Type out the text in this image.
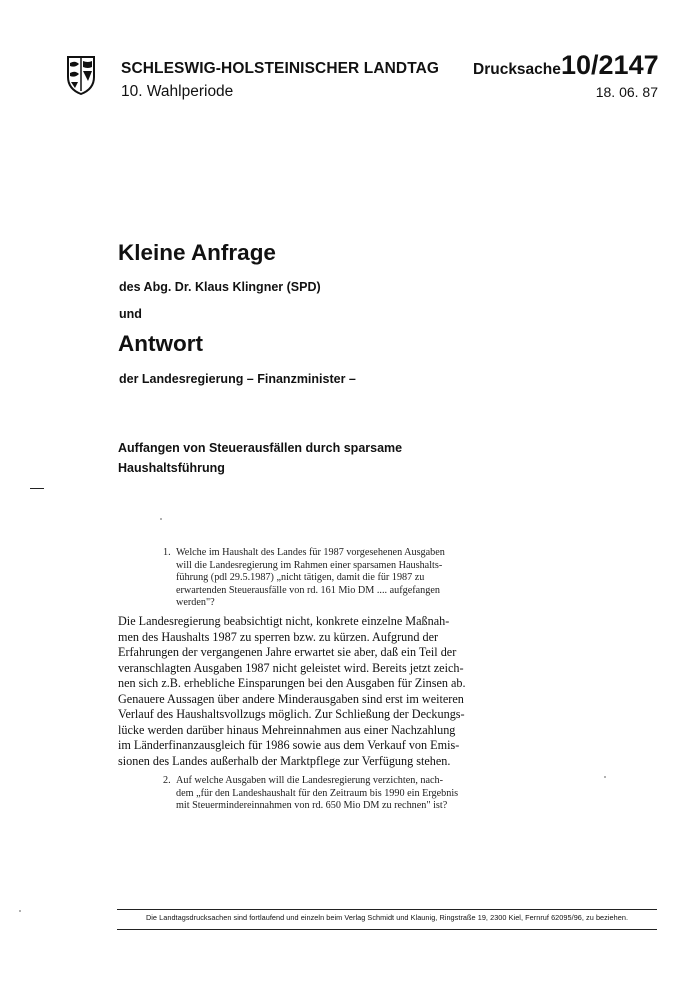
SCHLESWIG-HOLSTEINISCHER LANDTAG
10. Wahlperiode
Drucksache 10/2147
18. 06. 87
Kleine Anfrage
des Abg. Dr. Klaus Klingner (SPD)
und
Antwort
der Landesregierung – Finanzminister –
Auffangen von Steuerausfällen durch sparsame Haushaltsführung
1. Welche im Haushalt des Landes für 1987 vorgesehenen Ausgaben
will die Landesregierung im Rahmen einer sparsamen Haushalts-
führung (pdl 29.5.1987) „nicht tätigen, damit die für 1987 zu
erwartenden Steuerausfälle von rd. 161 Mio DM .... aufgefangen
werden"?
Die Landesregierung beabsichtigt nicht, konkrete einzelne Maßnah-
men des Haushalts 1987 zu sperren bzw. zu kürzen. Aufgrund der
Erfahrungen der vergangenen Jahre erwartet sie aber, daß ein Teil der
veranschlagten Ausgaben 1987 nicht geleistet wird. Bereits jetzt zeich-
nen sich z.B. erhebliche Einsparungen bei den Ausgaben für Zinsen ab.
Genauere Aussagen über andere Minderausgaben sind erst im weiteren
Verlauf des Haushaltsvollzugs möglich. Zur Schließung der Deckungs-
lücke werden darüber hinaus Mehreinnahmen aus einer Nachzahlung
im Länderfinanzausgleich für 1986 sowie aus dem Verkauf von Emis-
sionen des Landes außerhalb der Marktpflege zur Verfügung stehen.
2. Auf welche Ausgaben will die Landesregierung verzichten, nach-
dem „für den Landeshaushalt für den Zeitraum bis 1990 ein Ergebnis
mit Steuermindereinnahmen von rd. 650 Mio DM zu rechnen" ist?
Die Landtagsdrucksachen sind fortlaufend und einzeln beim Verlag Schmidt und Klaunig, Ringstraße 19, 2300 Kiel, Fernruf 62095/96, zu beziehen.
